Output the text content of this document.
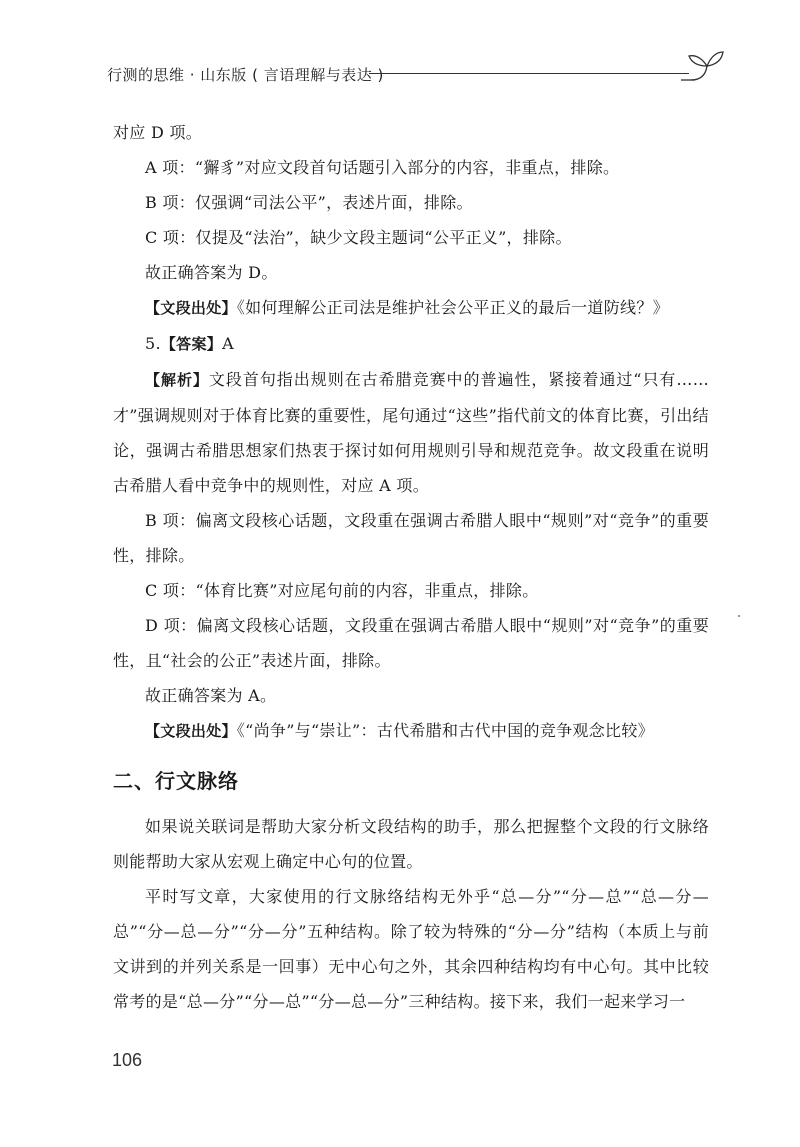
行测的思维 · 山东版 ( 言语理解与表达 )

对应 D 项。

A 项：“獬豸”对应文段首句话题引入部分的内容，非重点，排除。

B 项：仅强调“司法公平”，表述片面，排除。

C 项：仅提及“法治”，缺少文段主题词“公平正义”，排除。

故正确答案为 D。

【文段出处】《如何理解公正司法是维护社会公平正义的最后一道防线？》

5.【答案】A

【解析】文段首句指出规则在古希腊竞赛中的普遍性，紧接着通过“只有……才”强调规则对于体育比赛的重要性，尾句通过“这些”指代前文的体育比赛，引出结论，强调古希腊思想家们热衷于探讨如何用规则引导和规范竞争。故文段重在说明古希腊人看中竞争中的规则性，对应 A 项。

B 项：偏离文段核心话题，文段重在强调古希腊人眼中“规则”对“竞争”的重要性，排除。

C 项：“体育比赛”对应尾句前的内容，非重点，排除。

D 项：偏离文段核心话题，文段重在强调古希腊人眼中“规则”对“竞争”的重要性，且“社会的公正”表述片面，排除。

故正确答案为 A。

【文段出处】《“尚争”与“崇让”：古代希腊和古代中国的竞争观念比较》

二、行文脉络

如果说关联词是帮助大家分析文段结构的助手，那么把握整个文段的行文脉络则能帮助大家从宏观上确定中心句的位置。

平时写文章，大家使用的行文脉络结构无外乎“总—分”“分—总”“总—分—总”“分—总—分”“分—分”五种结构。除了较为特殊的“分—分”结构（本质上与前文讲到的并列关系是一回事）无中心句之外，其余四种结构均有中心句。其中比较常考的是“总—分”“分—总”“分—总—分”三种结构。接下来，我们一起来学习一

106
